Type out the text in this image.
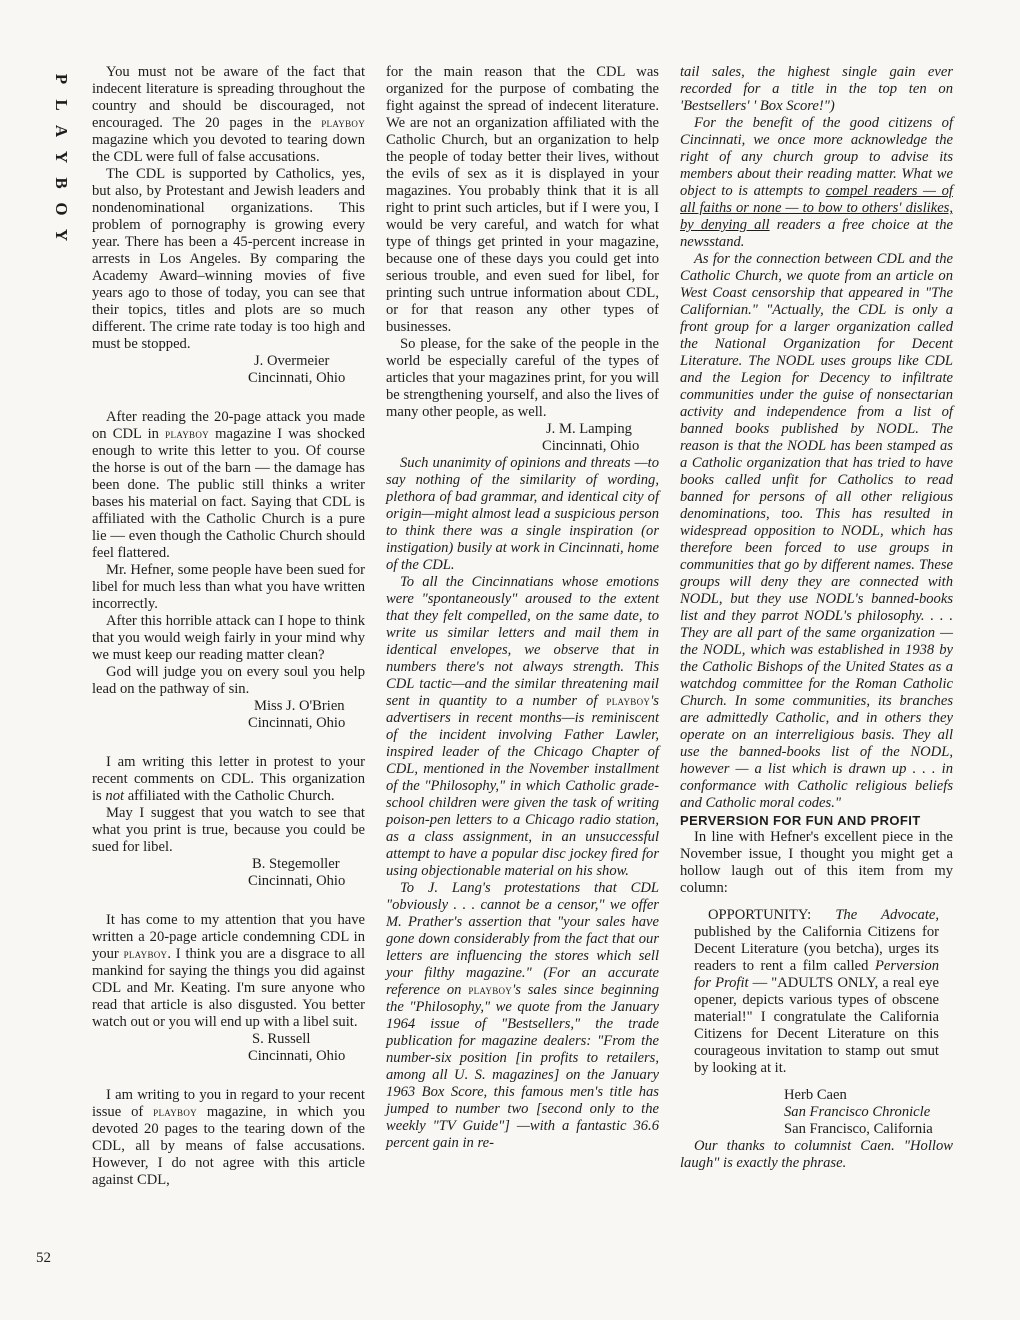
P
L
A
Y
B
O
Y
52

You must not be aware of the fact that indecent literature is spreading throughout the country and should be discouraged, not encouraged. The 20 pages in the playboy magazine which you devoted to tearing down the CDL were full of false accusations.

The CDL is supported by Catholics, yes, but also, by Protestant and Jewish leaders and nondenominational organizations. This problem of pornography is growing every year. There has been a 45-percent increase in arrests in Los Angeles. By comparing the Academy Award–winning movies of five years ago to those of today, you can see that their topics, titles and plots are so much different. The crime rate today is too high and must be stopped.

J. Overmeier
Cincinnati, Ohio

After reading the 20-page attack you made on CDL in playboy magazine I was shocked enough to write this letter to you. Of course the horse is out of the barn — the damage has been done. The public still thinks a writer bases his material on fact. Saying that CDL is affiliated with the Catholic Church is a pure lie — even though the Catholic Church should feel flattered.

Mr. Hefner, some people have been sued for libel for much less than what you have written incorrectly.

After this horrible attack can I hope to think that you would weigh fairly in your mind why we must keep our reading matter clean?

God will judge you on every soul you help lead on the pathway of sin.

Miss J. O'Brien
Cincinnati, Ohio

I am writing this letter in protest to your recent comments on CDL. This organization is not affiliated with the Catholic Church.

May I suggest that you watch to see that what you print is true, because you could be sued for libel.

B. Stegemoller
Cincinnati, Ohio

It has come to my attention that you have written a 20-page article condemning CDL in your playboy. I think you are a disgrace to all mankind for saying the things you did against CDL and Mr. Keating. I'm sure anyone who read that article is also disgusted. You better watch out or you will end up with a libel suit.

S. Russell
Cincinnati, Ohio

I am writing to you in regard to your recent issue of playboy magazine, in which you devoted 20 pages to the tearing down of the CDL, all by means of false accusations. However, I do not agree with this article against CDL,

for the main reason that the CDL was organized for the purpose of combating the fight against the spread of indecent literature. We are not an organization affiliated with the Catholic Church, but an organization to help the people of today better their lives, without the evils of sex as it is displayed in your magazines. You probably think that it is all right to print such articles, but if I were you, I would be very careful, and watch for what type of things get printed in your magazine, because one of these days you could get into serious trouble, and even sued for libel, for printing such untrue information about CDL, or for that reason any other types of businesses.

So please, for the sake of the people in the world be especially careful of the types of articles that your magazines print, for you will be strengthening yourself, and also the lives of many other people, as well.

J. M. Lamping
Cincinnati, Ohio

Such unanimity of opinions and threats —to say nothing of the similarity of wording, plethora of bad grammar, and identical city of origin—might almost lead a suspicious person to think there was a single inspiration (or instigation) busily at work in Cincinnati, home of the CDL.

To all the Cincinnatians whose emotions were "spontaneously" aroused to the extent that they felt compelled, on the same date, to write us similar letters and mail them in identical envelopes, we observe that in numbers there's not always strength. This CDL tactic—and the similar threatening mail sent in quantity to a number of playboy's advertisers in recent months—is reminiscent of the incident involving Father Lawler, inspired leader of the Chicago Chapter of CDL, mentioned in the November installment of the "Philosophy," in which Catholic grade-school children were given the task of writing poison-pen letters to a Chicago radio station, as a class assignment, in an unsuccessful attempt to have a popular disc jockey fired for using objectionable material on his show.

To J. Lang's protestations that CDL "obviously . . . cannot be a censor," we offer M. Prather's assertion that "your sales have gone down considerably from the fact that our letters are influencing the stores which sell your filthy magazine." (For an accurate reference on playboy's sales since beginning the "Philosophy," we quote from the January 1964 issue of "Bestsellers," the trade publication for magazine dealers: "From the number-six position [in profits to retailers, among all U. S. magazines] on the January 1963 Box Score, this famous men's title has jumped to number two [second only to the weekly "TV Guide"] —with a fantastic 36.6 percent gain in re-

tail sales, the highest single gain ever recorded for a title in the top ten on 'Bestsellers' ' Box Score!")

For the benefit of the good citizens of Cincinnati, we once more acknowledge the right of any church group to advise its members about their reading matter. What we object to is attempts to compel readers — of all faiths or none — to bow to others' dislikes, by denying all readers a free choice at the newsstand.

As for the connection between CDL and the Catholic Church, we quote from an article on West Coast censorship that appeared in "The Californian." "Actually, the CDL is only a front group for a larger organization called the National Organization for Decent Literature. The NODL uses groups like CDL and the Legion for Decency to infiltrate communities under the guise of nonsectarian activity and independence from a list of banned books published by NODL. The reason is that the NODL has been stamped as a Catholic organization that has tried to have books called unfit for Catholics to read banned for persons of all other religious denominations, too. This has resulted in widespread opposition to NODL, which has therefore been forced to use groups in communities that go by different names. These groups will deny they are connected with NODL, but they use NODL's banned-books list and they parrot NODL's philosophy. . . . They are all part of the same organization — the NODL, which was established in 1938 by the Catholic Bishops of the United States as a watchdog committee for the Roman Catholic Church. In some communities, its branches are admittedly Catholic, and in others they operate on an interreligious basis. They all use the banned-books list of the NODL, however — a list which is drawn up . . . in conformance with Catholic religious beliefs and Catholic moral codes."

PERVERSION FOR FUN AND PROFIT

In line with Hefner's excellent piece in the November issue, I thought you might get a hollow laugh out of this item from my column:

OPPORTUNITY: The Advocate, published by the California Citizens for Decent Literature (you betcha), urges its readers to rent a film called Perversion for Profit — "ADULTS ONLY, a real eye opener, depicts various types of obscene material!" I congratulate the California Citizens for Decent Literature on this courageous invitation to stamp out smut by looking at it.

Herb Caen
San Francisco Chronicle
San Francisco, California

Our thanks to columnist Caen. "Hollow laugh" is exactly the phrase.
